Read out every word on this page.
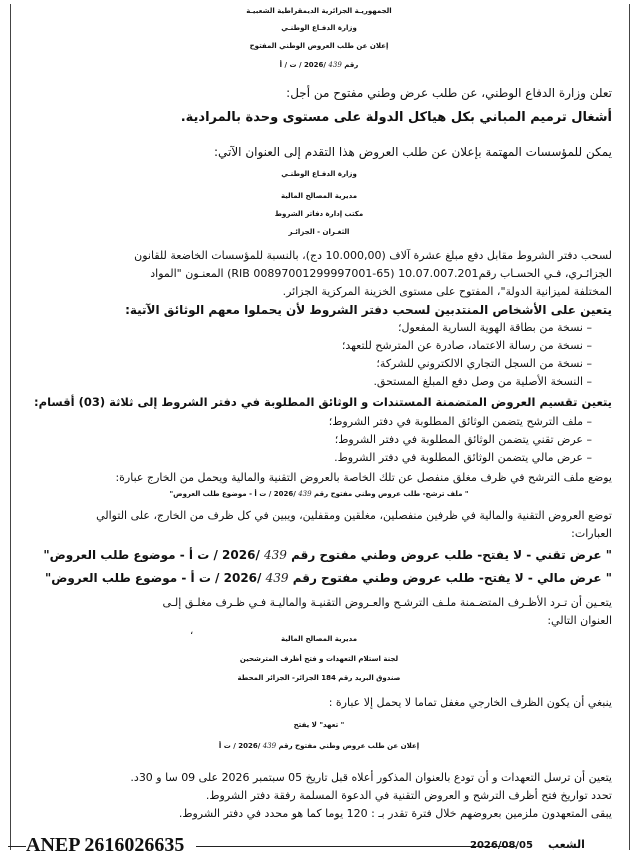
الجمهوريـة الجزائرية الديمقراطية الشعبيـة
وزارة الدفـاع الوطنـي
إعلان عن طلب العروض الوطني المفتوح
رقم 439 /2026 / ت / أ
تعلن وزارة الدفاع الوطني، عن طلب عرض وطني مفتوح من أجل:
أشغال ترميم المباني بكل هياكل الدولة على مستوى وحدة بالمرادية.
يمكن للمؤسسات المهتمة بإعلان عن طلب العروض هذا التقدم إلى العنوان الآتي:
وزارة الدفـاع الوطنـي
مديرية المصالح المالية
مكتب إدارة دفاتر الشروط
الثغـران - الجزائـر
لسحب دفتر الشروط مقابل دفع مبلغ عشرة آلاف (10.000,00 دج)، بالنسبة للمؤسسات الخاضعة للقانون
الجزائـري، فـي الحسـاب رقم10.07.007.201 (RIB 00897001299997001-65) المعنـون "المواد
المختلفة لميزانية الدولة"، المفتوح على مستوى الخزينة المركزية الجزائر.
يتعين على الأشخاص المنتدبين لسحب دفتر الشروط لأن يحملوا معهم الوثائق الآتية:
– نسخة من بطاقة الهوية السارية المفعول؛
– نسخة من رسالة الاعتماد، صادرة عن المترشح للتعهد؛
– نسخة من السجل التجاري الالكتروني للشركة؛
– النسخة الأصلية من وصل دفع المبلغ المستحق.
يتعين تقسيم العروض المتضمنة المستندات و الوثائق المطلوبة في دفتر الشروط إلى ثلاثة (03) أقسام:
– ملف الترشح يتضمن الوثائق المطلوبة في دفتر الشروط؛
– عرض تقني يتضمن الوثائق المطلوبة في دفتر الشروط؛
– عرض مالي يتضمن الوثائق المطلوبة في دفتر الشروط.
يوضع ملف الترشح في ظرف مغلق منفصل عن تلك الخاصة بالعروض التقنية والمالية ويحمل من الخارج عبارة:
" ملف ترشح- طلب عروض وطني مفتوح رقم 439 /2026 / ت أ - موضوع طلب العروض"
توضع العروض التقنية والمالية في ظرفين منفصلين، مغلقين ومقفلين، ويبين في كل ظرف من الخارج، على التوالي
العبارات:
" عرض تقني - لا يفتح- طلب عروض وطني مفتوح رقم 439 /2026 / ت أ - موضوع طلب العروض"
" عرض مالي - لا يفتح- طلب عروض وطني مفتوح رقم 439 /2026 / ت أ - موضوع طلب العروض"
يتعـين أن تـرد الأظـرف المتضـمنة ملـف الترشـح والعـروض التقنيـة والماليـة فـي ظـرف مغلـق إلـى
العنوان التالي:
،
مديرية المصالح المالية
لجنة استلام التعهدات و فتح أظرف المترشحين
صندوق البريد رقم 184 الجزائر- الجزائر المحطة
ينبغي أن يكون الظرف الخارجي مغفل تماما لا يحمل إلا عبارة :
" تعهد" لا يفتح
إعلان عن طلب عروض وطني مفتوح رقم 439 /2026 / ت أ
يتعين أن ترسل التعهدات و أن تودع بالعنوان المذكور أعلاه قبل تاريخ 05 سبتمبر 2026 على 09 سا و 30د.
تحدد تواريخ فتح أظرف الترشح و العروض التقنية في الدعوة المسلمة رفقة دفتر الشروط.
يبقى المتعهدون ملزمين بعروضهم خلال فترة تقدر بـ : 120 يوما كما هو محدد في دفتر الشروط.
ANEP 2616026635	2026/08/05 الشعب
